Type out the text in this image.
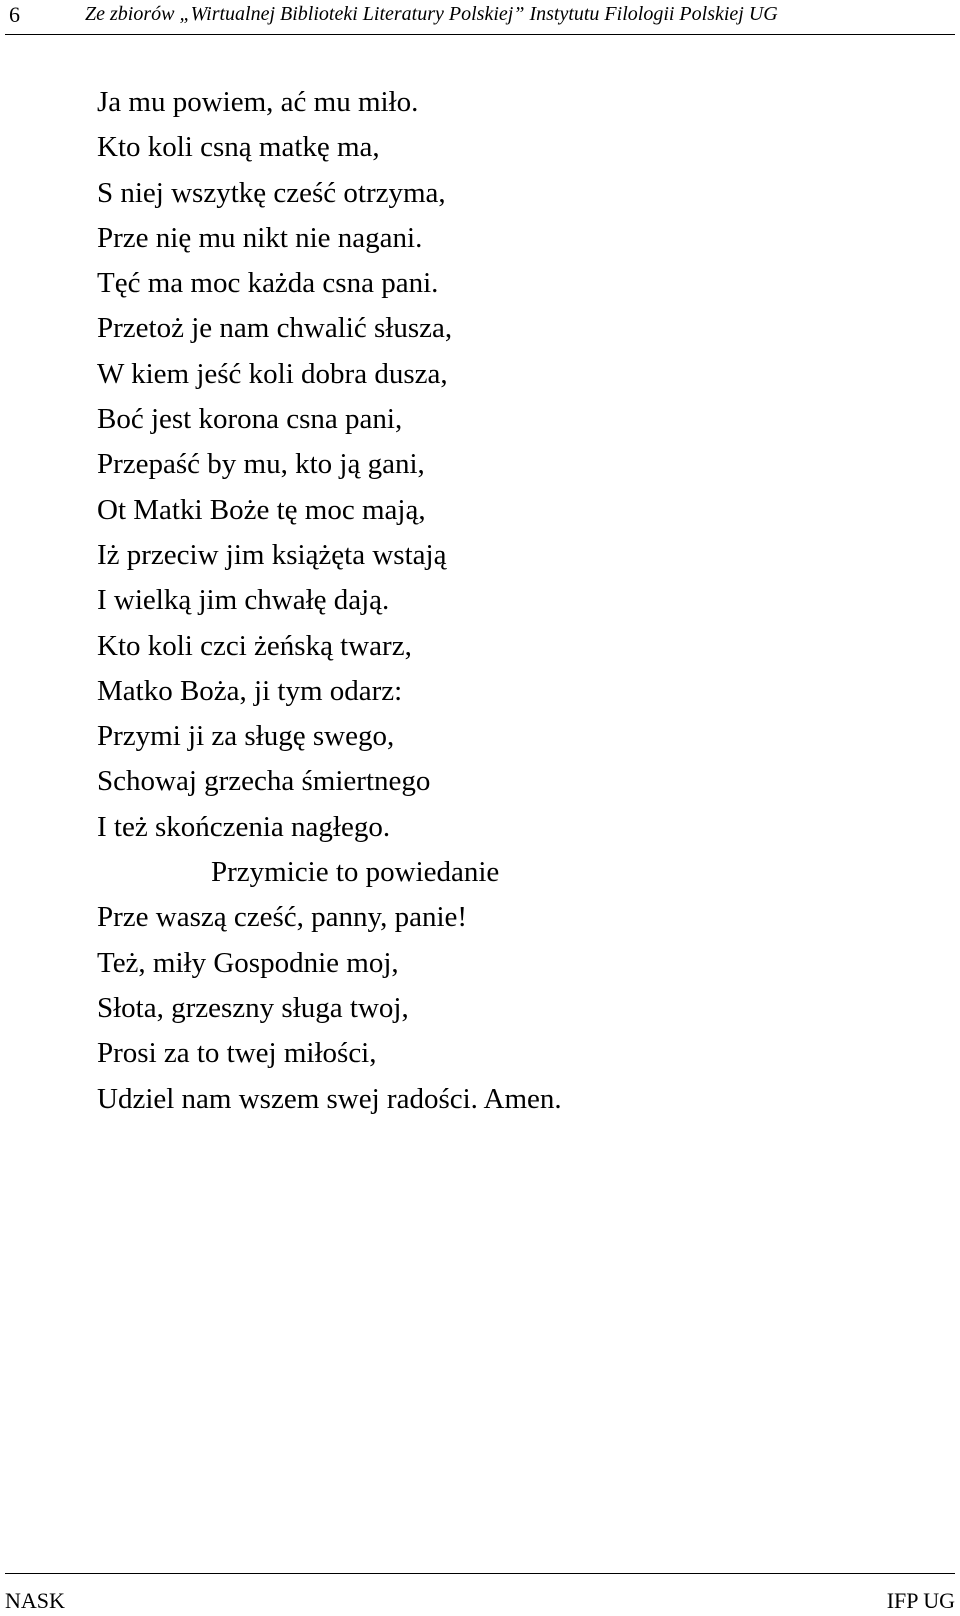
6	Ze zbiorów „Wirtualnej Biblioteki Literatury Polskiej” Instytutu Filologii Polskiej UG
Ja mu powiem, ać mu miło.
Kto koli csną matkę ma,
S niej wszytkę cześć otrzyma,
Prze nię mu nikt nie nagani.
Tęć ma moc każda csna pani.
Przetoż je nam chwalić słusza,
W kiem jeść koli dobra dusza,
Boć jest korona csna pani,
Przepaść by mu, kto ją gani,
Ot Matki Boże tę moc mają,
Iż przeciw jim książęta wstają
I wielką jim chwałę dają.
Kto koli czci żeńską twarz,
Matko Boża, ji tym odarz:
Przymi ji za sługę swego,
Schowaj grzecha śmiertnego
I też skończenia nagłego.
Przymicie to powiedanie
Prze waszą cześć, panny, panie!
Też, miły Gospodnie moj,
Słota, grzeszny sługa twoj,
Prosi za to twej miłości,
Udziel nam wszem swej radości. Amen.
NASK	IFP UG
